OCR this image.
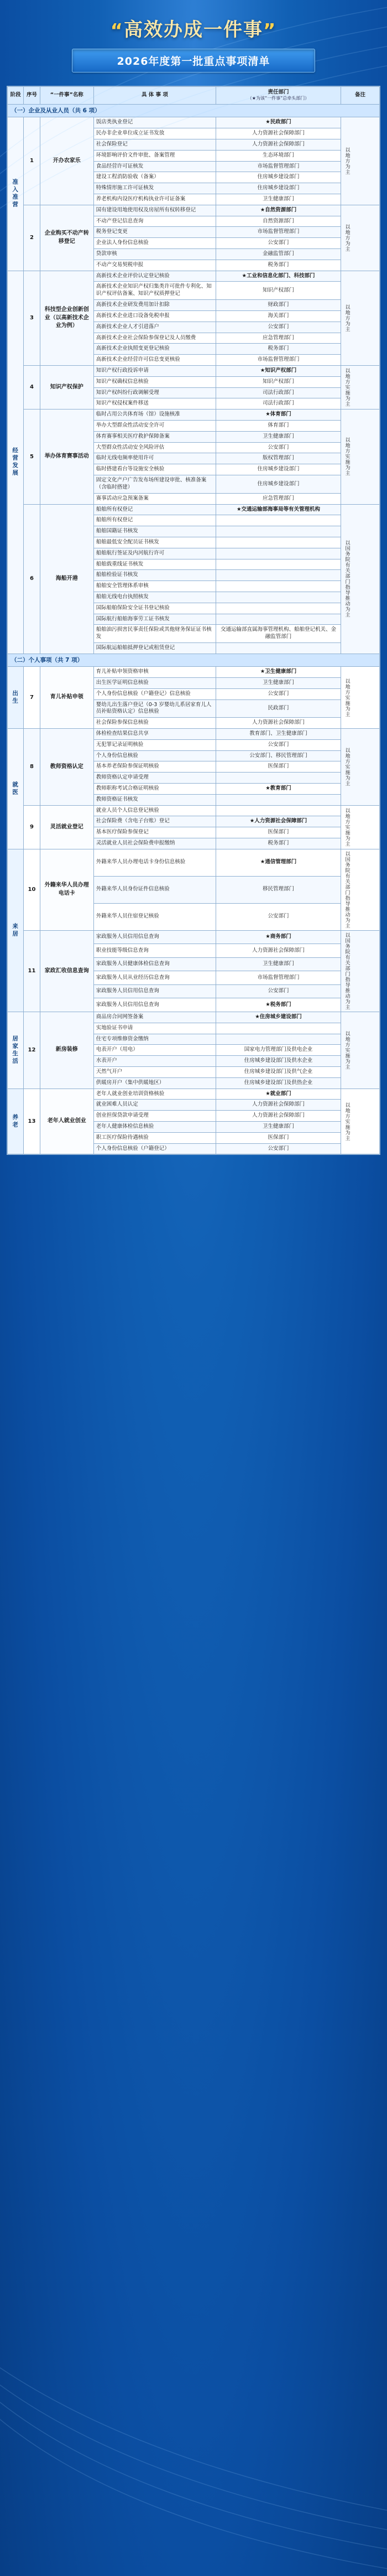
“高效办成一件事”
2026年度第一批重点事项清单
阶段	序号	“一件事”名称	具 体 事 项	责任部门
（★为该“一件事”总牵头部门）	备注
（一）企业及从业人员（共 6 项）					

准入准营	1	开办农家乐	饭店类执业登记	★民政部门	以地方为主

			民办非企业单位成立证书发放	人力资源社会保障部门	
			社会保险登记	人力资源社会保障部门	
			环境影响评价文件审批、备案管理	生态环境部门	
			食品经营许可证核发	市场监督管理部门	
			建设工程消防验收（备案）	住房城乡建设部门	
			特殊情形施工许可证核发	住房城乡建设部门	
			养老机构内设医疗机构执业许可证备案	卫生健康部门	
	2	企业购买不动产转移登记	国有建设用地使用权及房屋所有权转移登记	★自然资源部门	以地方为主

			不动产登记信息查询	自然资源部门	
			税务登记变更	市场监督管理部门	
			企业法人身份信息核验	公安部门	
			贷款审核	金融监管部门	
			不动产交易契税申报	税务部门	

经营发展	3	科技型企业创新创业（以高新技术企业为例）	高新技术企业评价认定登记核验	★工业和信息化部门、科技部门	以地方为主

			高新技术企业知识产权归集类许可批件专利化、知识产权评估备案、知识产权质押登记	知识产权部门	
			高新技术企业研发费用加计扣除	财政部门	
			高新技术企业进口设备免税申报	海关部门	
			高新技术企业人才引进落户	公安部门	
			高新技术企业社会保险参保登记及人员缴费	应急管理部门	
			高新技术企业执照变更登记核验	税务部门	
			高新技术企业经营许可信息变更核验	市场监督管理部门	
	4	知识产权保护	知识产权行政投诉申请	★知识产权部门	以地方实施为主

			知识产权确权信息核验	知识产权部门	
			知识产权纠纷行政调解受理	司法行政部门	
			知识产权侵权案件移送	司法行政部门	
	5	举办体育赛事活动	临时占用公共体育场（馆）设施核准	★体育部门	以地方实施为主

			举办大型群众性活动安全许可	体育部门	
			体育赛事相关医疗救护保障备案	卫生健康部门	
			大型群众性活动安全风险评估	公安部门	
			临时无线电频率使用许可	版权管理部门	
			临时搭建看台等设施安全核验	住房城乡建设部门	
			固定文化产户广告发布场所建设审批、核准备案（含临时搭建）	住房城乡建设部门	
			赛事活动应急预案备案	应急管理部门	
	6	海船开港	船舶所有权登记	★交通运输部海事局等有关管理机构	以国务院有关部门指导推动为主

			船舶所有权登记		
			船舶国籍证书核发		
			船舶最低安全配员证书核发		
			船舶航行签证及内河航行许可		
			船舶载重线证书核发		
			船舶检验证书核发		
			船舶安全管理体系审核		
			船舶无线电台执照核发		
			国际船舶保险安全证书登记核验		
			国际航行船舶海事劳工证书核发		
			船舶油污损害民事责任保险或其他财务保证证书核发	交通运输部直属海事管理机构、船舶登记机关、金融监管部门	
			国际航运船舶抵押登记或租赁登记		
（二）个人事项（共 7 项）					

出生	7	育儿补贴申领	育儿补贴申领资格审核	★卫生健康部门	以地方实施为主

			出生医学证明信息核验	卫生健康部门	
			个人身份信息核验（户籍登记）信息核验	公安部门	
			婴幼儿出生落户登记（0-3 岁婴幼儿系居家育儿人员补贴资格认定）信息核验	民政部门	
			社会保险参保信息核验	人力资源社会保障部门	

就医	8	教师资格认定	体检检查结果信息共享	教育部门、卫生健康部门	以地方实施为主

			无犯罪记录证明核验	公安部门	
			个人身份信息核验	公安部门、移民管理部门	
			基本养老保险参保证明核验	医保部门	
			教师资格认定申请受理		
			教师职称考试合格证明核验	★教育部门	
			教师资格证书核发		
	9	灵活就业登记	就业人员个人信息登记核验		以地方实施为主

			社会保险费（含电子台账）登记	★人力资源社会保障部门	
			基本医疗保险参保登记	医保部门	
			灵活就业人员社会保险费申报缴纳	税务部门	

来居	10	外籍来华人员办理电话卡	外籍来华人员办理电话卡身份信息核验	★通信管理部门	以国务院有关部门指导推动为主

			外籍来华人员身份证件信息核验	移民管理部门	
			外籍来华人员住宿登记核验	公安部门	
	11	家政汇收信息查询	家政服务人员信用信息查询	★商务部门	以国务院有关部门指导推动为主

			职业技能等级信息查询	人力资源社会保障部门	
			家政服务人员健康体检信息查询	卫生健康部门	
			家政服务人员从业经历信息查询	市场监督管理部门	
			家政服务人员信用信息查询	公安部门	
			家政服务人员信用信息查询	★税务部门	

居家生活	12	新房装修	商品房合同网签备案	★住房城乡建设部门	以地方实施为主

			实地验证书申请		
			住宅专项维修资金缴纳		
			电表开户（用电）	国家电力管理部门及供电企业	
			水表开户	住房城乡建设部门及供水企业	
			天然气开户	住房城乡建设部门及供气企业	
			供暖房开户（集中供暖地区）	住房城乡建设部门及供热企业	

养老	13	老年人就业创业	老年人就业创业培训资格核验	★就业部门	以地方实施为主

			就业困难人员认定	人力资源社会保障部门	
			创业担保贷款申请受理	人力资源社会保障部门	
			老年人健康体检信息核验	卫生健康部门	
			职工医疗保险待遇核验	医保部门	
			个人身份信息核验（户籍登记）	公安部门	
